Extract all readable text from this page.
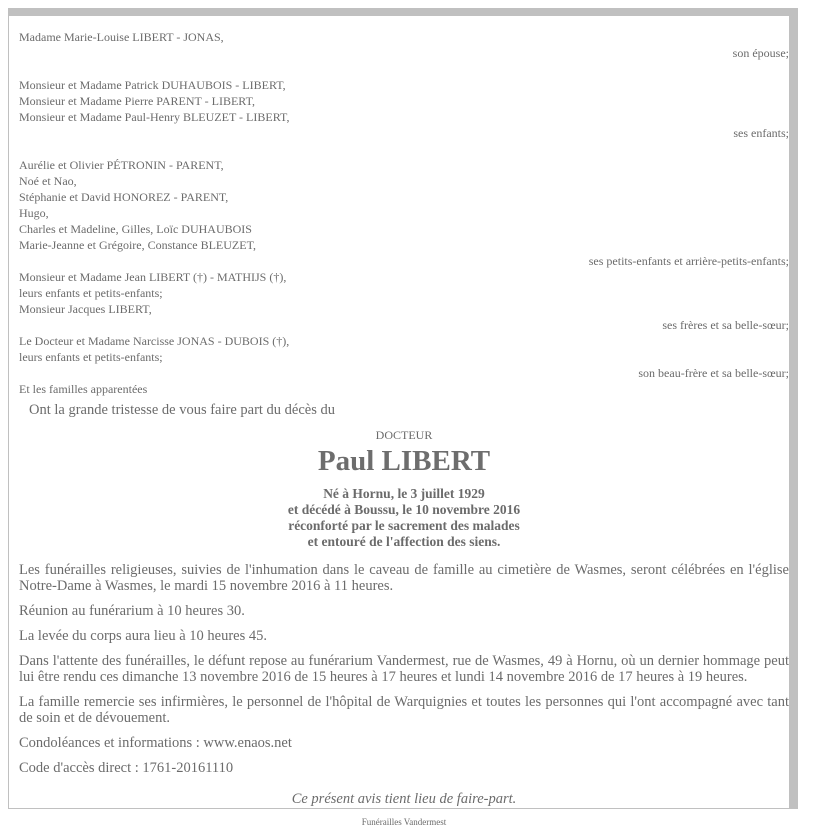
Madame Marie-Louise LIBERT - JONAS,
son épouse;
Monsieur et Madame Patrick DUHAUBOIS - LIBERT,
Monsieur et Madame Pierre PARENT - LIBERT,
Monsieur et Madame Paul-Henry BLEUZET - LIBERT,
ses enfants;
Aurélie et Olivier PÉTRONIN - PARENT,
Noé et Nao,
Stéphanie et David HONOREZ - PARENT,
Hugo,
Charles et Madeline, Gilles, Loïc DUHAUBOIS
Marie-Jeanne et Grégoire, Constance BLEUZET,
ses petits-enfants et arrière-petits-enfants;
Monsieur et Madame Jean LIBERT (†) - MATHIJS (†),
leurs enfants et petits-enfants;
Monsieur Jacques LIBERT,
ses frères et sa belle-sœur;
Le Docteur et Madame Narcisse JONAS - DUBOIS (†),
leurs enfants et petits-enfants;
son beau-frère et sa belle-sœur;
Et les familles apparentées
Ont la grande tristesse de vous faire part du décès du
DOCTEUR
Paul LIBERT
Né à Hornu, le 3 juillet 1929
et décédé à Boussu, le 10 novembre 2016
réconforté par le sacrement des malades
et entouré de l'affection des siens.
Les funérailles religieuses, suivies de l'inhumation dans le caveau de famille au cimetière de Wasmes, seront célébrées en l'église Notre-Dame à Wasmes, le mardi 15 novembre 2016 à 11 heures.
Réunion au funérarium à 10 heures 30.
La levée du corps aura lieu à 10 heures 45.
Dans l'attente des funérailles, le défunt repose au funérarium Vandermest, rue de Wasmes, 49 à Hornu, où un dernier hommage peut lui être rendu ces dimanche 13 novembre 2016 de 15 heures à 17 heures et lundi 14 novembre 2016 de 17 heures à 19 heures.
La famille remercie ses infirmières, le personnel de l'hôpital de Warquignies et toutes les personnes qui l'ont accompagné avec tant de soin et de dévouement.
Condoléances et informations : www.enaos.net
Code d'accès direct : 1761-20161110
Ce présent avis tient lieu de faire-part.
Funérailles Vandermest
